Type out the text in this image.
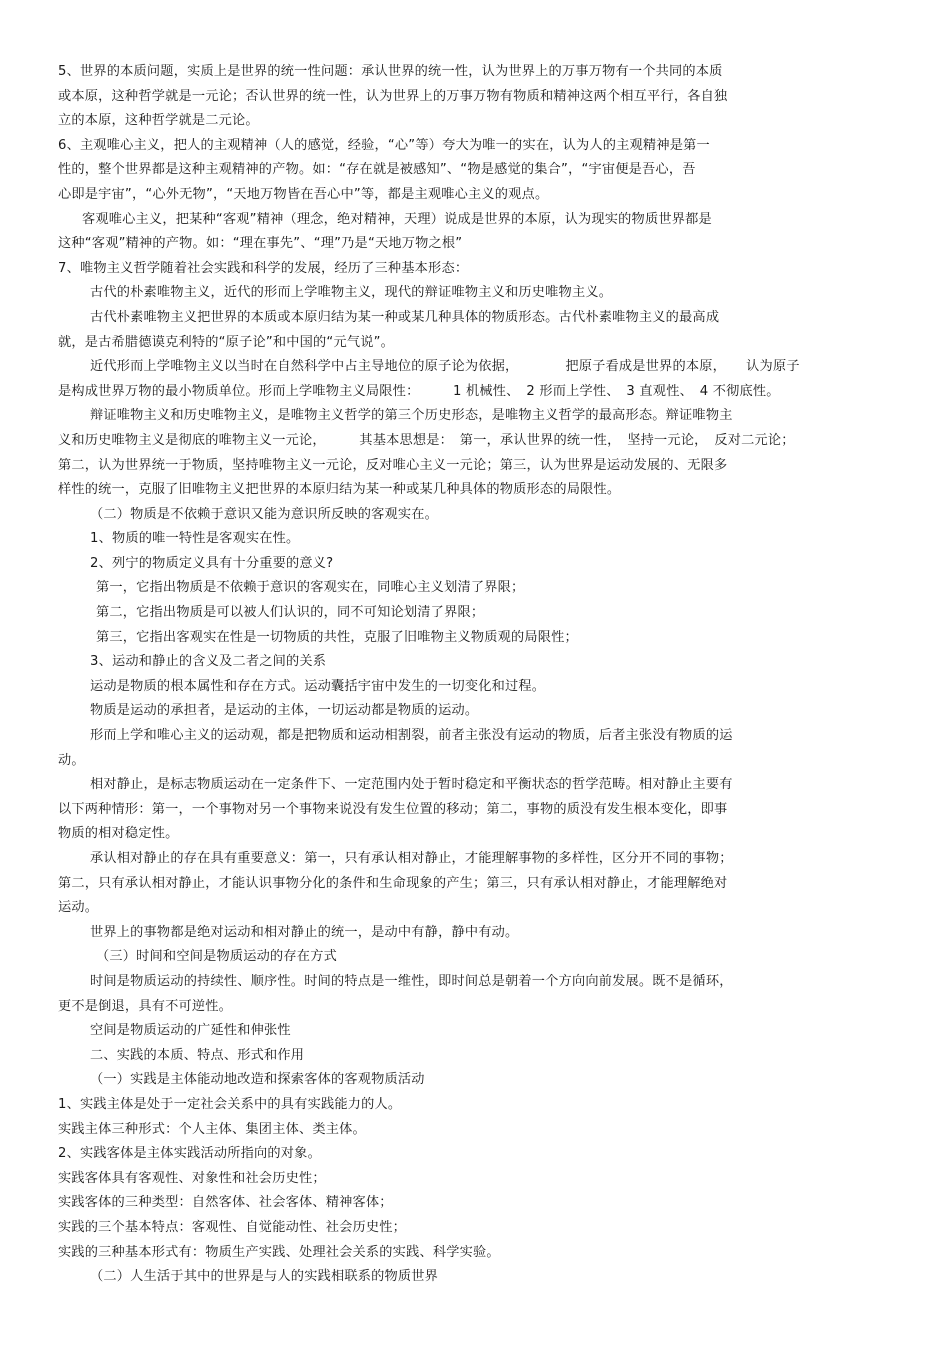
5、世界的本质问题，实质上是世界的统一性问题：承认世界的统一性，认为世界上的万事万物有一个共同的本质
或本原，这种哲学就是一元论；否认世界的统一性，认为世界上的万事万物有物质和精神这两个相互平行，各自独
立的本原，这种哲学就是二元论。
6、主观唯心主义，把人的主观精神（人的感觉，经验，“心”等）夸大为唯一的实在，认为人的主观精神是第一
性的，整个世界都是这种主观精神的产物。如：“存在就是被感知”、“物是感觉的集合”，“宇宙便是吾心，吾
心即是宇宙”，“心外无物”，“天地万物皆在吾心中”等，都是主观唯心主义的观点。
客观唯心主义，把某种“客观”精神（理念，绝对精神，天理）说成是世界的本原，认为现实的物质世界都是
这种“客观”精神的产物。如：“理在事先”、“理”乃是“天地万物之根”
7、唯物主义哲学随着社会实践和科学的发展，经历了三种基本形态：
古代的朴素唯物主义，近代的形而上学唯物主义，现代的辩证唯物主义和历史唯物主义。
古代朴素唯物主义把世界的本质或本原归结为某一种或某几种具体的物质形态。古代朴素唯物主义的最高成
就，是古希腊德谟克利特的“原子论”和中国的“元气说”。
近代形而上学唯物主义以当时在自然科学中占主导地位的原子论为依据，　　　　把原子看成是世界的本原，　　认为原子
是构成世界万物的最小物质单位。形而上学唯物主义局限性：　　　1 机械性、　2 形而上学性、　3 直观性、　4 不彻底性。
辩证唯物主义和历史唯物主义，是唯物主义哲学的第三个历史形态，是唯物主义哲学的最高形态。辩证唯物主
义和历史唯物主义是彻底的唯物主义一元论，　　　其基本思想是：　第一，承认世界的统一性，　坚持一元论，　反对二元论；
第二，认为世界统一于物质，坚持唯物主义一元论，反对唯心主义一元论；第三，认为世界是运动发展的、无限多
样性的统一，克服了旧唯物主义把世界的本原归结为某一种或某几种具体的物质形态的局限性。
（二）物质是不依赖于意识又能为意识所反映的客观实在。
1、物质的唯一特性是客观实在性。
2、列宁的物质定义具有十分重要的意义?
第一，它指出物质是不依赖于意识的客观实在，同唯心主义划清了界限；
第二，它指出物质是可以被人们认识的，同不可知论划清了界限；
第三，它指出客观实在性是一切物质的共性，克服了旧唯物主义物质观的局限性；
3、运动和静止的含义及二者之间的关系
运动是物质的根本属性和存在方式。运动囊括宇宙中发生的一切变化和过程。
物质是运动的承担者，是运动的主体，一切运动都是物质的运动。
形而上学和唯心主义的运动观，都是把物质和运动相割裂，前者主张没有运动的物质，后者主张没有物质的运
动。
相对静止，是标志物质运动在一定条件下、一定范围内处于暂时稳定和平衡状态的哲学范畴。相对静止主要有
以下两种情形：第一，一个事物对另一个事物来说没有发生位置的移动；第二，事物的质没有发生根本变化，即事
物质的相对稳定性。
承认相对静止的存在具有重要意义：第一，只有承认相对静止，才能理解事物的多样性，区分开不同的事物；
第二，只有承认相对静止，才能认识事物分化的条件和生命现象的产生；第三，只有承认相对静止，才能理解绝对
运动。
世界上的事物都是绝对运动和相对静止的统一，是动中有静，静中有动。
（三）时间和空间是物质运动的存在方式
时间是物质运动的持续性、顺序性。时间的特点是一维性，即时间总是朝着一个方向向前发展。既不是循环，
更不是倒退，具有不可逆性。
空间是物质运动的广延性和伸张性
二、实践的本质、特点、形式和作用
（一）实践是主体能动地改造和探索客体的客观物质活动
1、实践主体是处于一定社会关系中的具有实践能力的人。
实践主体三种形式：个人主体、集团主体、类主体。
2、实践客体是主体实践活动所指向的对象。
实践客体具有客观性、对象性和社会历史性；
实践客体的三种类型：自然客体、社会客体、精神客体；
实践的三个基本特点：客观性、自觉能动性、社会历史性；
实践的三种基本形式有：物质生产实践、处理社会关系的实践、科学实验。
（二）人生活于其中的世界是与人的实践相联系的物质世界
